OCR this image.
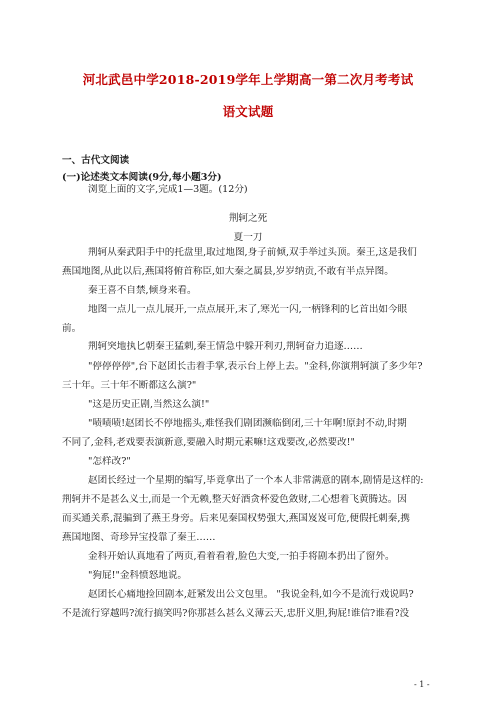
河北武邑中学2018-2019学年上学期高一第二次月考考试
语文试题
一、古代文阅读
(一)论述类文本阅读(9分,每小题3分)
浏览上面的文字,完成1—3题。(12分)
荆轲之死
夏一刀
荆轲从秦武阳手中的托盘里,取过地图,身子前倾,双手举过头顶。秦王,这是我们
燕国地图,从此以后,燕国将俯首称臣,如大秦之属县,岁岁纳贡,不敢有半点异图。
秦王喜不自禁,倾身来看。
地图一点儿一点儿展开,一点点展开,末了,寒光一闪,一柄锋利的匕首出如今眼
前。
荆轲突地执匕朝秦王猛刺,秦王情急中躲开利刃,荆轲奋力追逐……
"停停停停",台下赵团长击着手掌,表示台上停上去。"金科,你演荆轲演了多少年?
三十年。三十年不断都这么演?"
"这是历史正剧,当然这么演!"
"啧啧啧!赵团长不停地摇头,难怪我们剧团濒临倒闭,三十年啊!原封不动,时期
不同了,金科,老戏要表演新意,要融入时期元素嘛!这戏要改,必然要改!"
"怎样改?"
赵团长经过一个星期的编写,毕竟拿出了一个本人非常满意的剧本,剧情是这样的:
荆轲并不是甚么义士,而是一个无赖,整天好酒贪杯爱色敛财,二心想着飞黄腾达。因
而买通关系,混骗到了燕王身旁。后来见秦国权势强大,燕国岌岌可危,便假托刺秦,携
燕国地图、奇珍异宝投靠了秦王……
金科开始认真地看了两页,看着看着,脸色大变,一拍手将剧本扔出了窗外。
"狗屁!"金科愤怒地说。
赵团长心痛地捡回剧本,赶紧发出公文包里。 "我说金科,如今不是流行戏说吗?
不是流行穿越吗?流行搞笑吗?你那甚么甚么义薄云天,忠肝义胆,狗屁!谁信?谁看?没
- 1 -
